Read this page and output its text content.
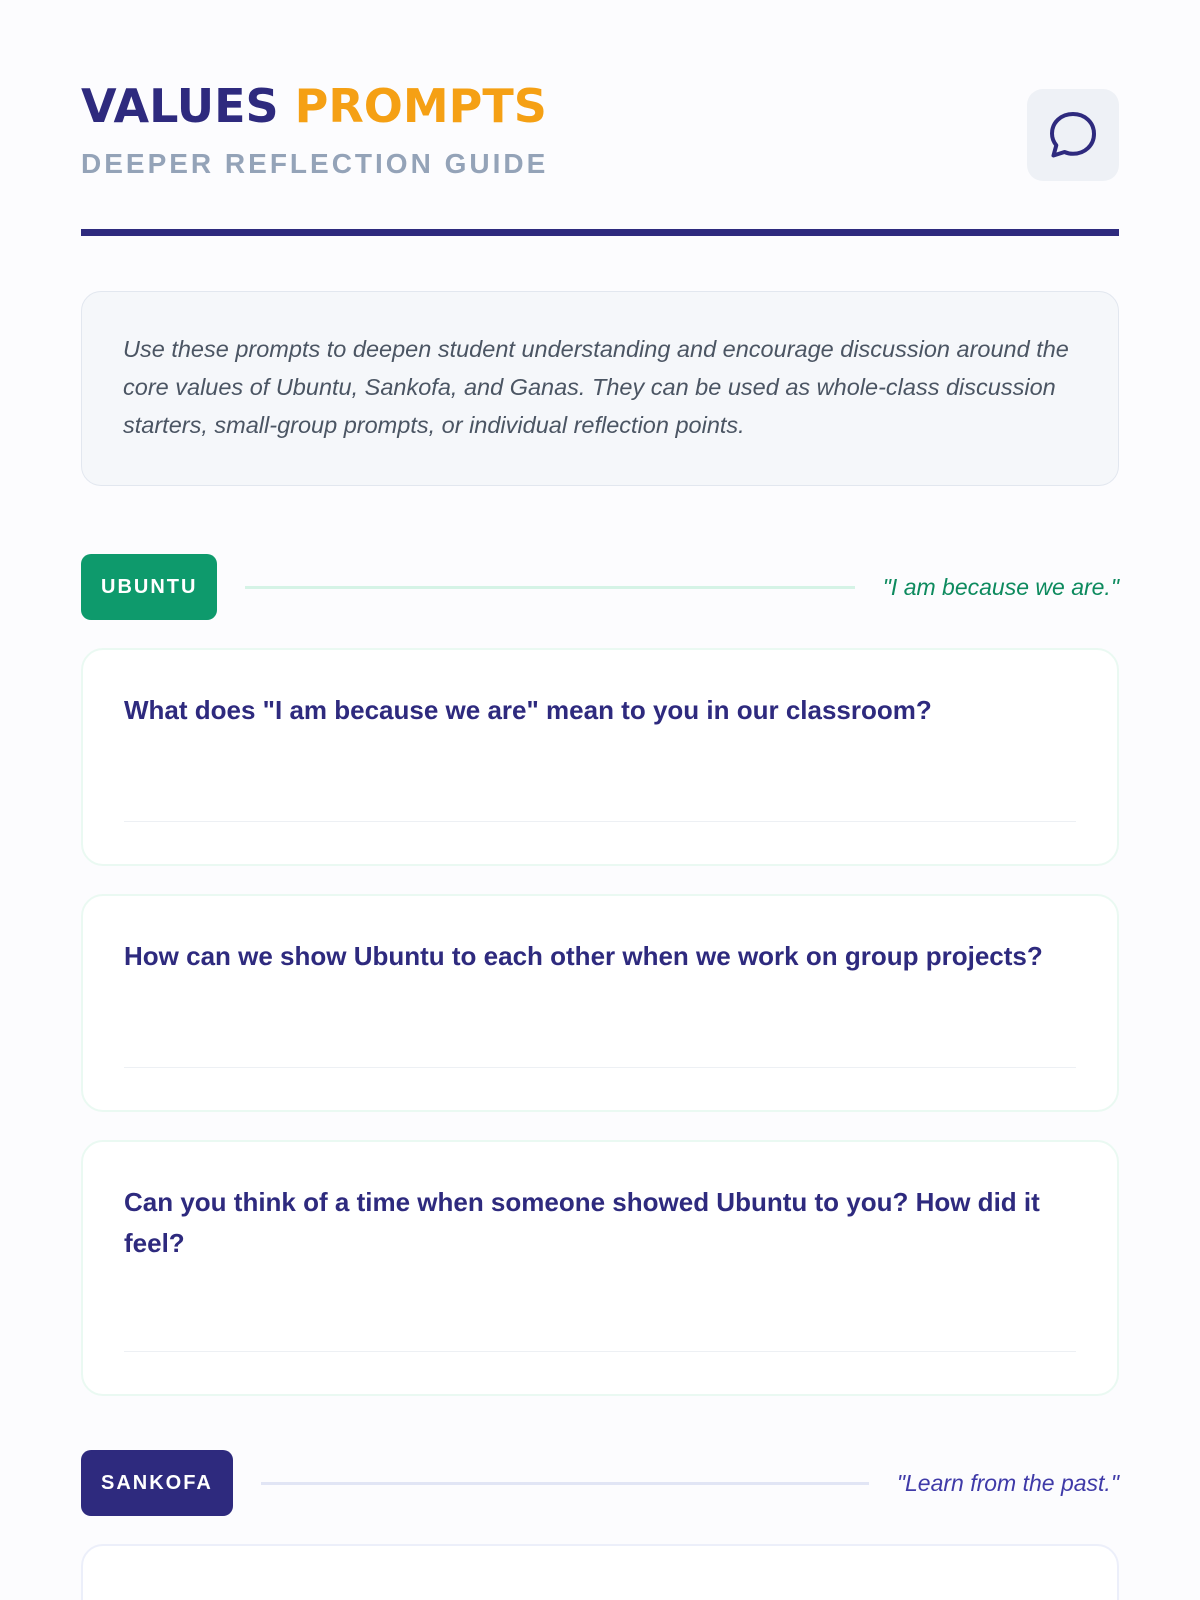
VALUES PROMPTS
DEEPER REFLECTION GUIDE

Use these prompts to deepen student understanding and encourage discussion around the core values of Ubuntu, Sankofa, and Ganas. They can be used as whole-class discussion starters, small-group prompts, or individual reflection points.

UBUNTU	"I am because we are."
What does "I am because we are" mean to you in our classroom?
How can we show Ubuntu to each other when we work on group projects?
Can you think of a time when someone showed Ubuntu to you? How did it feel?
SANKOFA	"Learn from the past."
